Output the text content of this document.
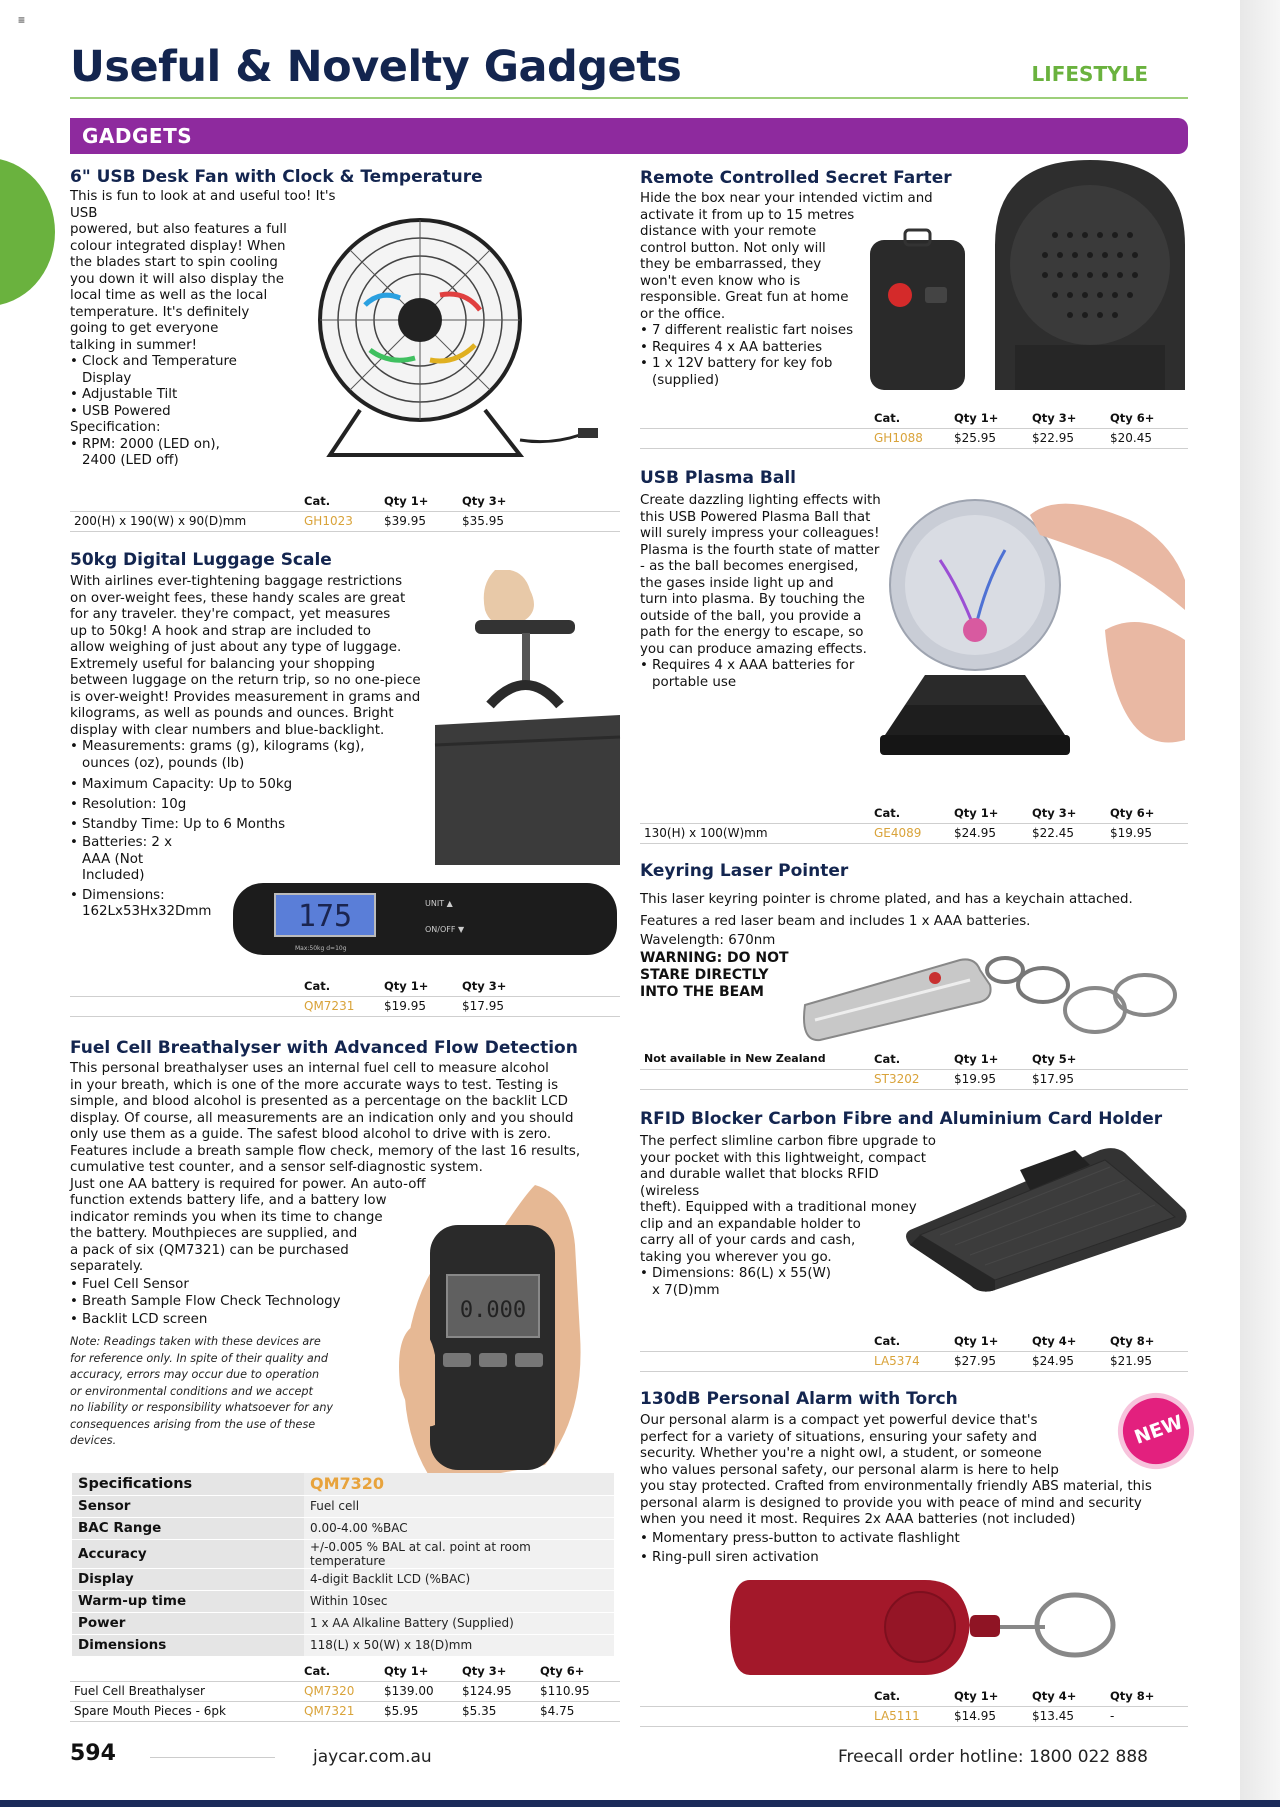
≡
Useful & Novelty Gadgets	LIFESTYLE
GADGETS
6" USB Desk Fan with Clock & Temperature

This is fun to look at and useful too! It's USB

powered, but also features a full

colour integrated display! When

the blades start to spin cooling

you down it will also display the

local time as well as the local

temperature. It's definitely

going to get everyone

talking in summer!

• Clock and Temperature Display
• Adjustable Tilt
• USB Powered

Specification:

• RPM: 2000 (LED on), 2400 (LED off)
	Cat.	Qty 1+	Qty 3+
200(H) x 190(W) x 90(D)mm	GH1023	$39.95	$35.95
Remote Controlled Secret Farter

Hide the box near your intended victim and

activate it from up to 15 metres

distance with your remote

control button. Not only will

they be embarrassed, they

won't even know who is

responsible. Great fun at home

or the office.

• 7 different realistic fart noises
• Requires 4 x AA batteries
• 1 x 12V battery for key fob (supplied)
	Cat.	Qty 1+	Qty 3+	Qty 6+
	GH1088	$25.95	$22.95	$20.45
50kg Digital Luggage Scale

With airlines ever-tightening baggage restrictions

on over-weight fees, these handy scales are great

for any traveler. they're compact, yet measures

up to 50kg! A hook and strap are included to

allow weighing of just about any type of luggage.

Extremely useful for balancing your shopping

between luggage on the return trip, so no one-piece

is over-weight! Provides measurement in grams and

kilograms, as well as pounds and ounces. Bright

display with clear numbers and blue-backlight.

• Measurements: grams (g), kilograms (kg), ounces (oz), pounds (lb)
• Maximum Capacity: Up to 50kg
• Resolution: 10g
• Standby Time: Up to 6 Months
• Batteries: 2 x AAA (Not Included)
• Dimensions: 162Lx53Hx32Dmm	175	UNIT ▲
ON/OFF ▼
Max:50kg d=10g
	Cat.	Qty 1+	Qty 3+
	QM7231	$19.95	$17.95
USB Plasma Ball

Create dazzling lighting effects with

this USB Powered Plasma Ball that

will surely impress your colleagues!

Plasma is the fourth state of matter

- as the ball becomes energised,

the gases inside light up and

turn into plasma. By touching the

outside of the ball, you provide a

path for the energy to escape, so

you can produce amazing effects.

• Requires 4 x AAA batteries for portable use
	Cat.	Qty 1+	Qty 3+	Qty 6+
130(H) x 100(W)mm	GE4089	$24.95	$22.45	$19.95
Keyring Laser Pointer

This laser keyring pointer is chrome plated, and has a keychain attached.

Features a red laser beam and includes 1 x AAA batteries.

Wavelength: 670nm

WARNING: DO NOT

STARE DIRECTLY

INTO THE BEAM

Not available in New Zealand	Cat.	Qty 1+	Qty 5+
	ST3202	$19.95	$17.95
Fuel Cell Breathalyser with Advanced Flow Detection

This personal breathalyser uses an internal fuel cell to measure alcohol

in your breath, which is one of the more accurate ways to test. Testing is

simple, and blood alcohol is presented as a percentage on the backlit LCD

display. Of course, all measurements are an indication only and you should

only use them as a guide. The safest blood alcohol to drive with is zero.

Features include a breath sample flow check, memory of the last 16 results,

cumulative test counter, and a sensor self-diagnostic system.

Just one AA battery is required for power. An auto-off

function extends battery life, and a battery low

indicator reminds you when its time to change

the battery. Mouthpieces are supplied, and

a pack of six (QM7321) can be purchased

separately.

• Fuel Cell Sensor
• Breath Sample Flow Check Technology
• Backlit LCD screen

Note: Readings taken with these devices are

for reference only. In spite of their quality and

accuracy, errors may occur due to operation

or environmental conditions and we accept

no liability or responsibility whatsoever for any

consequences arising from the use of these

devices.

0.000
Specifications	QM7320
Sensor	Fuel cell
BAC Range	0.00-4.00 %BAC
Accuracy	+/-0.005 % BAL at cal. point at room temperature
Display	4-digit Backlit LCD (%BAC)
Warm-up time	Within 10sec
Power	1 x AA Alkaline Battery (Supplied)
Dimensions	118(L) x 50(W) x 18(D)mm
	Cat.	Qty 1+	Qty 3+	Qty 6+
Fuel Cell Breathalyser	QM7320	$139.00	$124.95	$110.95
Spare Mouth Pieces - 6pk	QM7321	$5.95	$5.35	$4.75
RFID Blocker Carbon Fibre and Aluminium Card Holder

The perfect slimline carbon fibre upgrade to

your pocket with this lightweight, compact

and durable wallet that blocks RFID (wireless

theft). Equipped with a traditional money

clip and an expandable holder to

carry all of your cards and cash,

taking you wherever you go.

• Dimensions: 86(L) x 55(W) x 7(D)mm
	Cat.	Qty 1+	Qty 4+	Qty 8+
	LA5374	$27.95	$24.95	$21.95
130dB Personal Alarm with Torch
NEW

Our personal alarm is a compact yet powerful device that's

perfect for a variety of situations, ensuring your safety and

security. Whether you're a night owl, a student, or someone

who values personal safety, our personal alarm is here to help

you stay protected. Crafted from environmentally friendly ABS material, this

personal alarm is designed to provide you with peace of mind and security

when you need it most. Requires 2x AAA batteries (not included)

• Momentary press-button to activate flashlight
• Ring-pull siren activation
	Cat.	Qty 1+	Qty 4+	Qty 8+
	LA5111	$14.95	$13.45	-
594	jaycar.com.au	Freecall order hotline: 1800 022 888
